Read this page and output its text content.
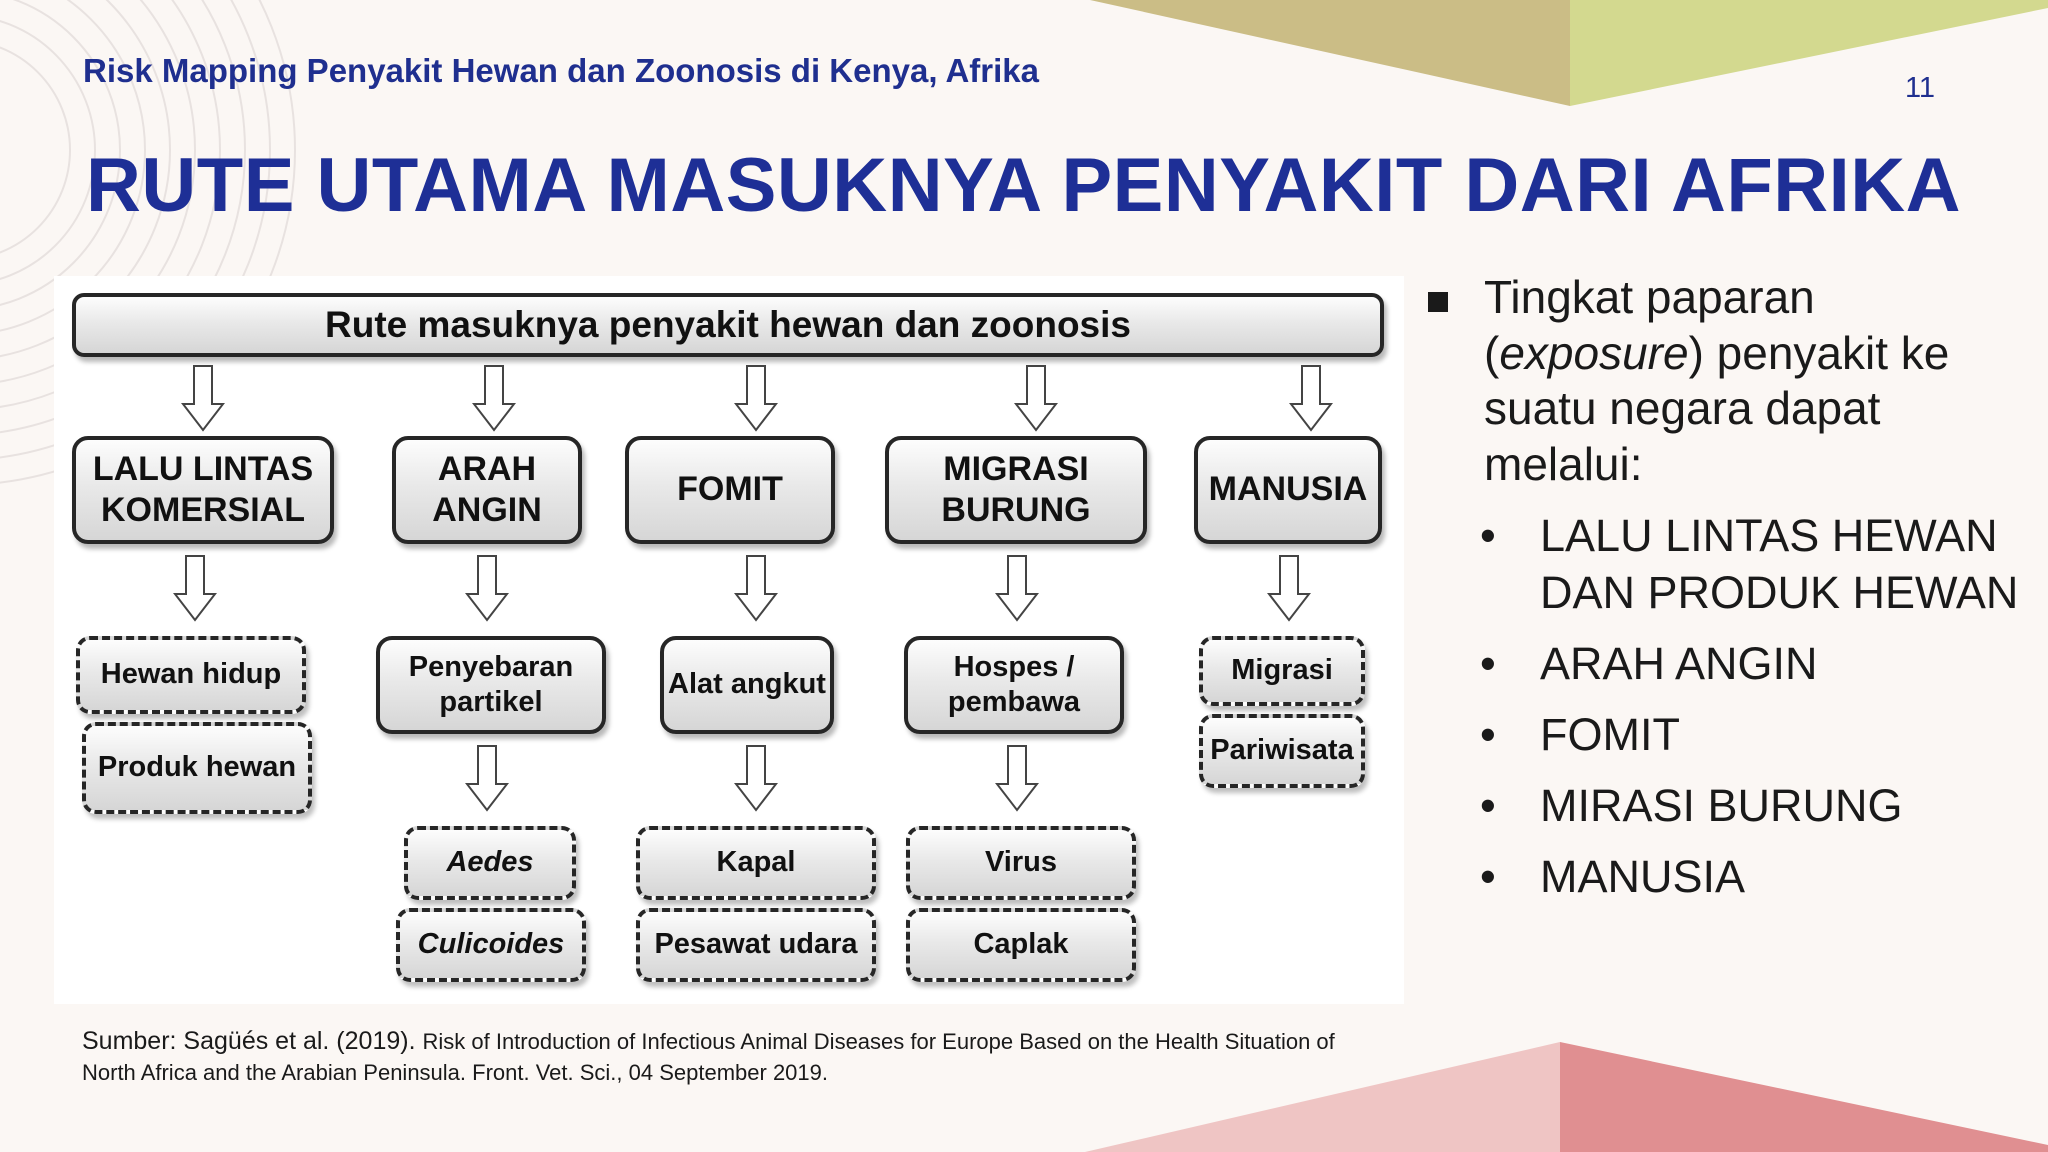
Risk Mapping Penyakit Hewan dan Zoonosis di Kenya, Afrika	11
RUTE UTAMA MASUKNYA PENYAKIT DARI AFRIKA
Rute masuknya penyakit hewan dan zoonosis
LALU LINTAS KOMERSIAL
ARAH ANGIN
FOMIT
MIGRASI BURUNG
MANUSIA
Hewan hidup
Produk hewan
Penyebaran partikel
Alat angkut
Hospes / pembawa
Migrasi
Pariwisata
Aedes
Culicoides
Kapal
Pesawat udara
Virus
Caplak
Tingkat paparan (exposure) penyakit ke suatu negara dapat melalui:
• LALU LINTAS HEWAN DAN PRODUK HEWAN
• ARAH ANGIN
• FOMIT
• MIRASI BURUNG
• MANUSIA
Sumber: Sagüés et al. (2019). Risk of Introduction of Infectious Animal Diseases for Europe Based on the Health Situation of North Africa and the Arabian Peninsula. Front. Vet. Sci., 04 September 2019.
